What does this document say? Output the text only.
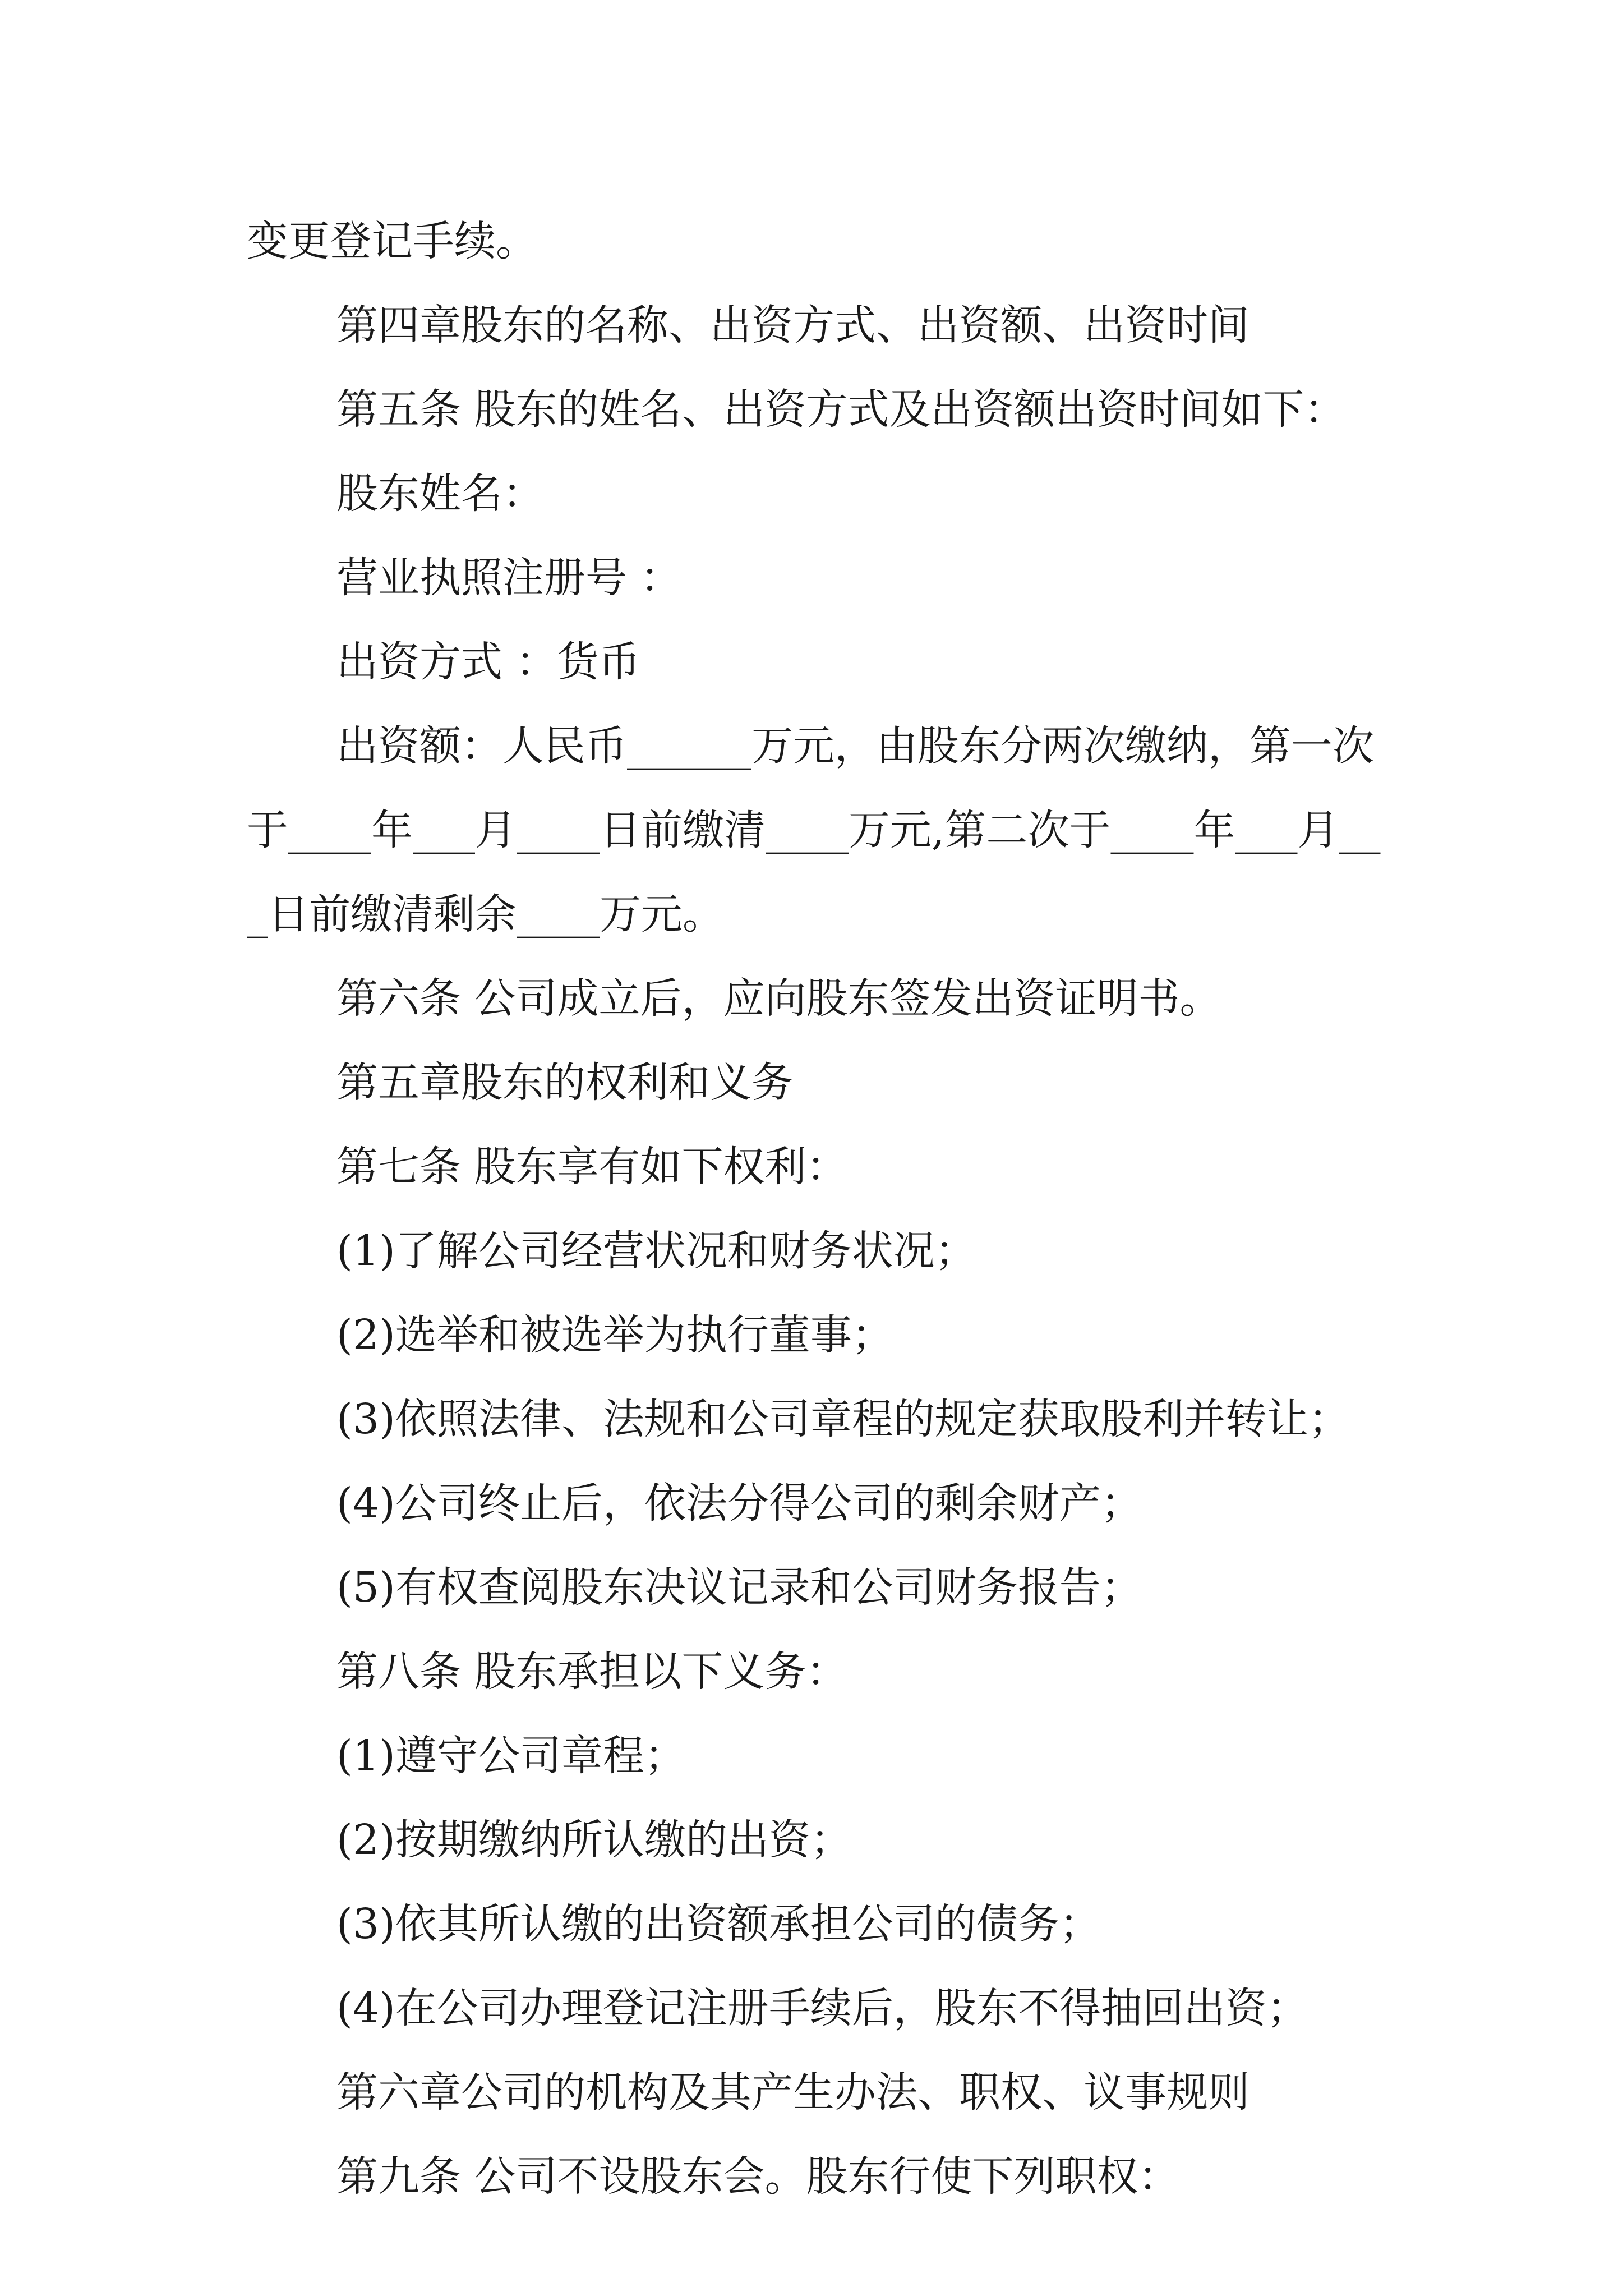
变更登记手续。
第四章股东的名称、出资方式、出资额、出资时间
第五条 股东的姓名、出资方式及出资额出资时间如下：
股东姓名：
营业执照注册号 ：
出资方式 ：货币

出资额：人民币______万元，由股东分两次缴纳，第一次于____年___月____日前缴清____万元,第二次于____年___月___日前缴清剩余____万元。

第六条 公司成立后，应向股东签发出资证明书。
第五章股东的权利和义务
第七条 股东享有如下权利：
(1)了解公司经营状况和财务状况；
(2)选举和被选举为执行董事；
(3)依照法律、法规和公司章程的规定获取股利并转让；
(4)公司终止后，依法分得公司的剩余财产；
(5)有权查阅股东决议记录和公司财务报告；
第八条 股东承担以下义务：
(1)遵守公司章程；
(2)按期缴纳所认缴的出资；
(3)依其所认缴的出资额承担公司的债务；
(4)在公司办理登记注册手续后，股东不得抽回出资；
第六章公司的机构及其产生办法、职权、议事规则
第九条 公司不设股东会。股东行使下列职权：
